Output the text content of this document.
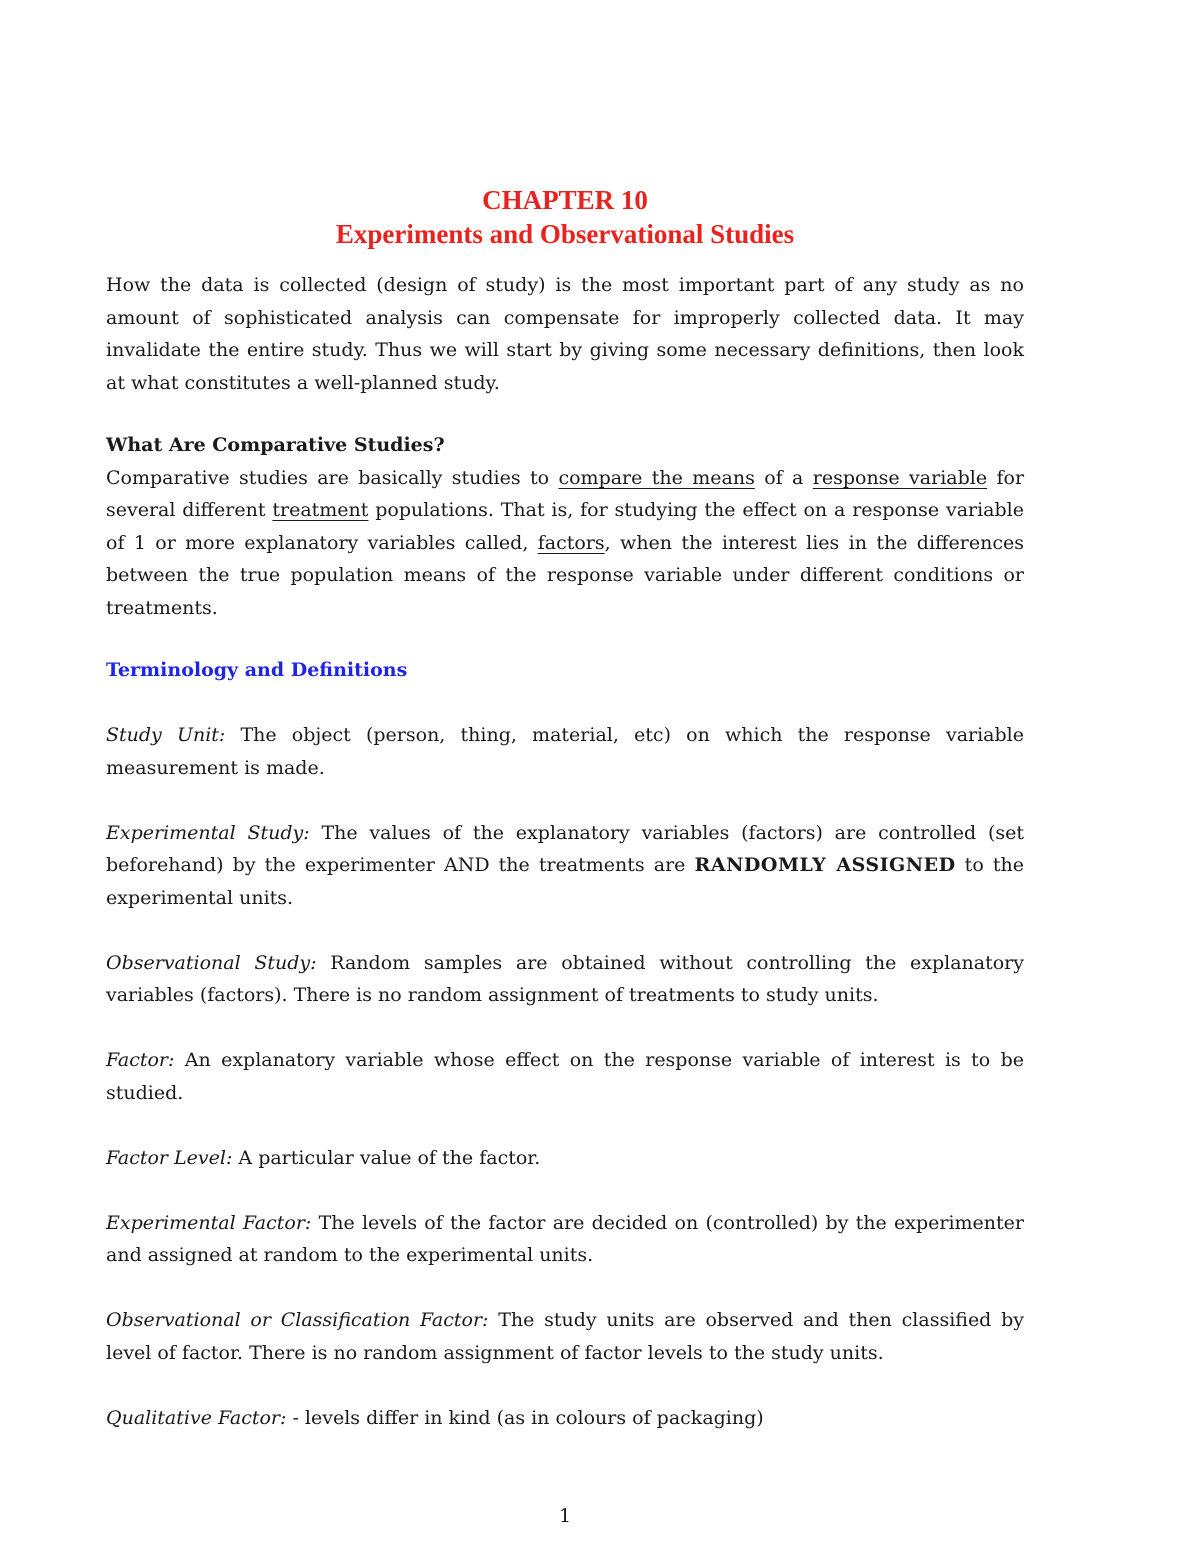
CHAPTER 10
Experiments and Observational Studies

How the data is collected (design of study) is the most important part of any study as no amount of sophisticated analysis can compensate for improperly collected data. It may invalidate the entire study. Thus we will start by giving some necessary definitions, then look at what constitutes a well-planned study.

What Are Comparative Studies?

Comparative studies are basically studies to compare the means of a response variable for several different treatment populations. That is, for studying the effect on a response variable of 1 or more explanatory variables called, factors, when the interest lies in the differences between the true population means of the response variable under different conditions or treatments.

Terminology and Definitions

Study Unit: The object (person, thing, material, etc) on which the response variable measurement is made.

Experimental Study: The values of the explanatory variables (factors) are controlled (set beforehand) by the experimenter AND the treatments are RANDOMLY ASSIGNED to the experimental units.

Observational Study: Random samples are obtained without controlling the explanatory variables (factors). There is no random assignment of treatments to study units.

Factor: An explanatory variable whose effect on the response variable of interest is to be studied.

Factor Level: A particular value of the factor.

Experimental Factor: The levels of the factor are decided on (controlled) by the experimenter and assigned at random to the experimental units.

Observational or Classification Factor: The study units are observed and then classified by level of factor. There is no random assignment of factor levels to the study units.

Qualitative Factor: - levels differ in kind (as in colours of packaging)

1
